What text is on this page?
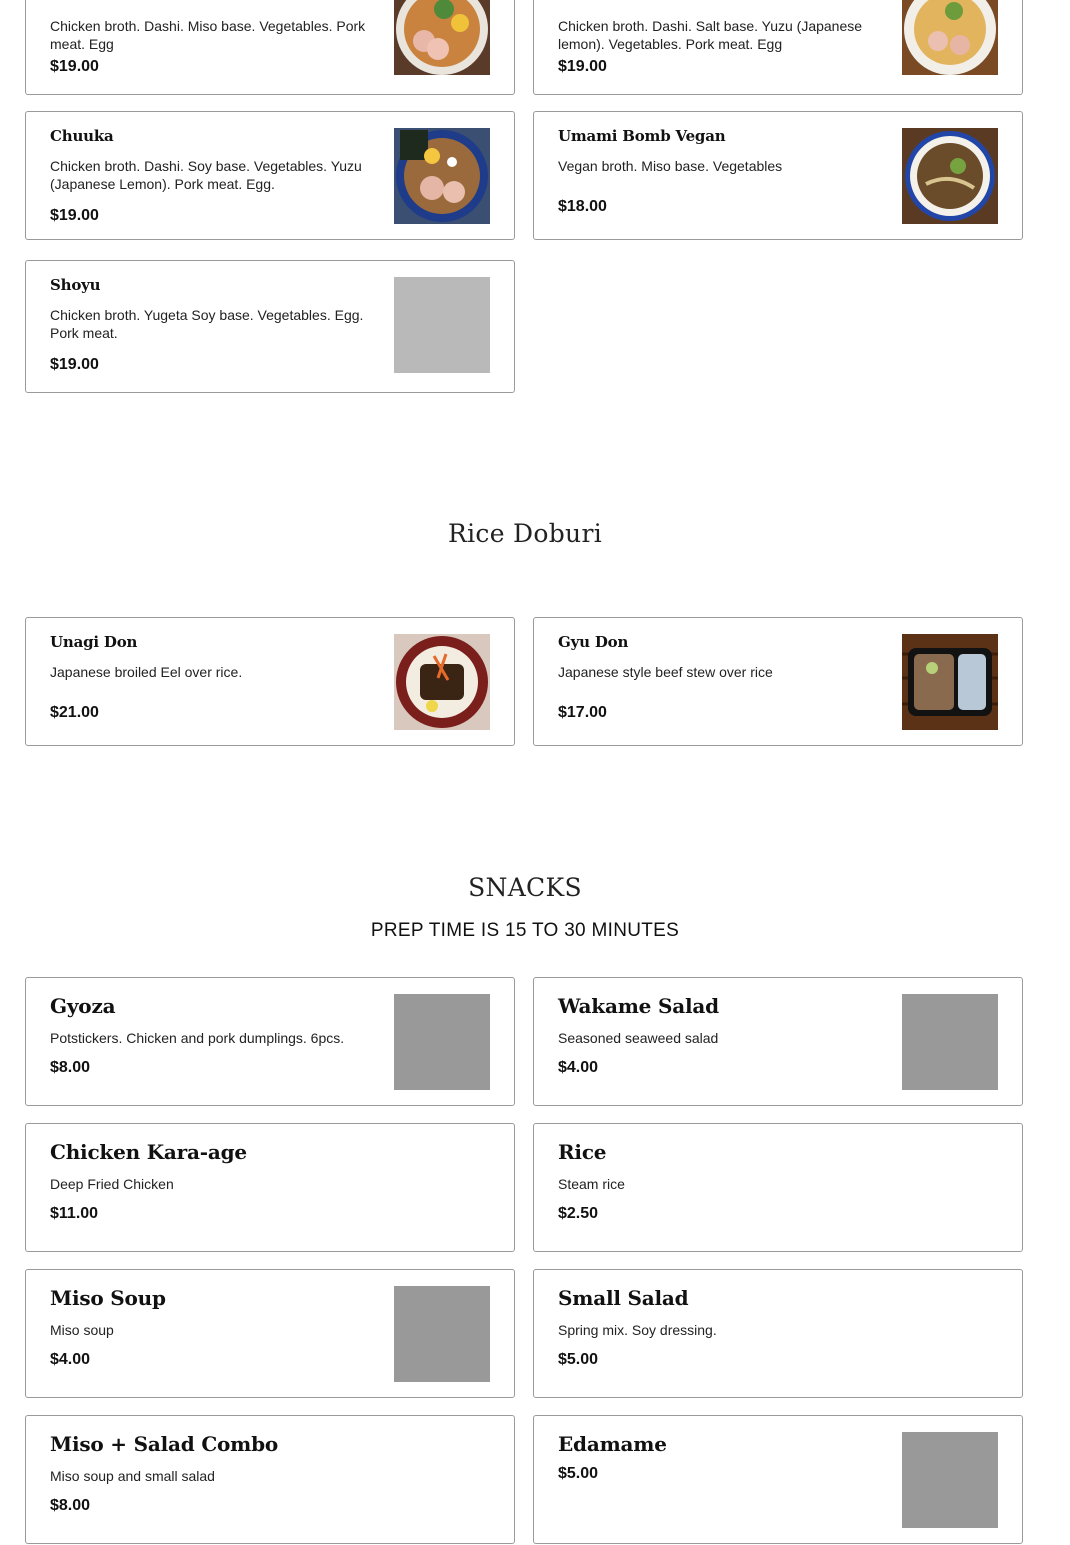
Chicken broth. Dashi. Miso base. Vegetables. Pork meat. Egg
$19.00
Chicken broth. Dashi. Salt base. Yuzu (Japanese lemon). Vegetables. Pork meat. Egg
$19.00
Chuuka
Chicken broth. Dashi. Soy base. Vegetables. Yuzu (Japanese Lemon). Pork meat. Egg.
$19.00
Umami Bomb Vegan
Vegan broth. Miso base. Vegetables
$18.00
Shoyu
Chicken broth. Yugeta Soy base. Vegetables. Egg. Pork meat.
$19.00
Rice Doburi
Unagi Don
Japanese broiled Eel over rice.
$21.00
Gyu Don
Japanese style beef stew over rice
$17.00
SNACKS
PREP TIME IS 15 TO 30 MINUTES
Gyoza
Potstickers. Chicken and pork dumplings. 6pcs.
$8.00
Wakame Salad
Seasoned seaweed salad
$4.00
Chicken Kara-age
Deep Fried Chicken
$11.00
Rice
Steam rice
$2.50
Miso Soup
Miso soup
$4.00
Small Salad
Spring mix. Soy dressing.
$5.00
Miso + Salad Combo
Miso soup and small salad
$8.00
Edamame
$5.00
